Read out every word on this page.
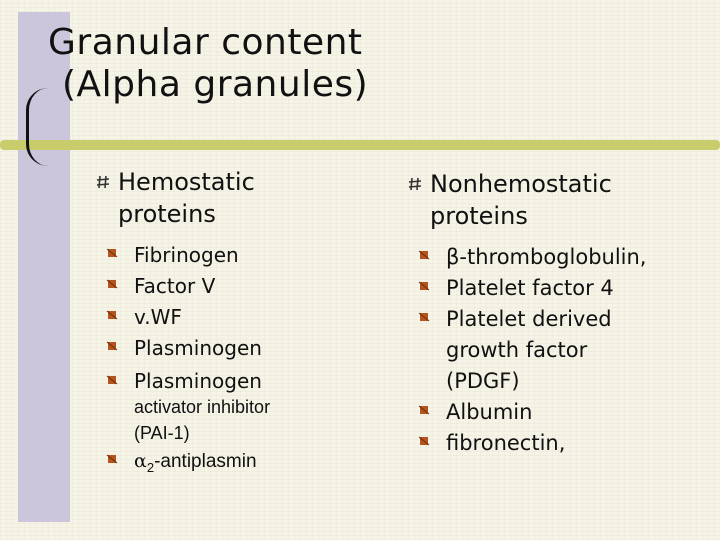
Granular content
(Alpha granules)
Hemostatic
proteins
Fibrinogen
Factor V
v.WF
Plasminogen
Plasminogen
activator inhibitor
(PAI-1)
$\alpha_2$-antiplasmin
Nonhemostatic
proteins
β-thromboglobulin,
Platelet factor 4
Platelet derived
growth factor
(PDGF)
Albumin
fibronectin,
